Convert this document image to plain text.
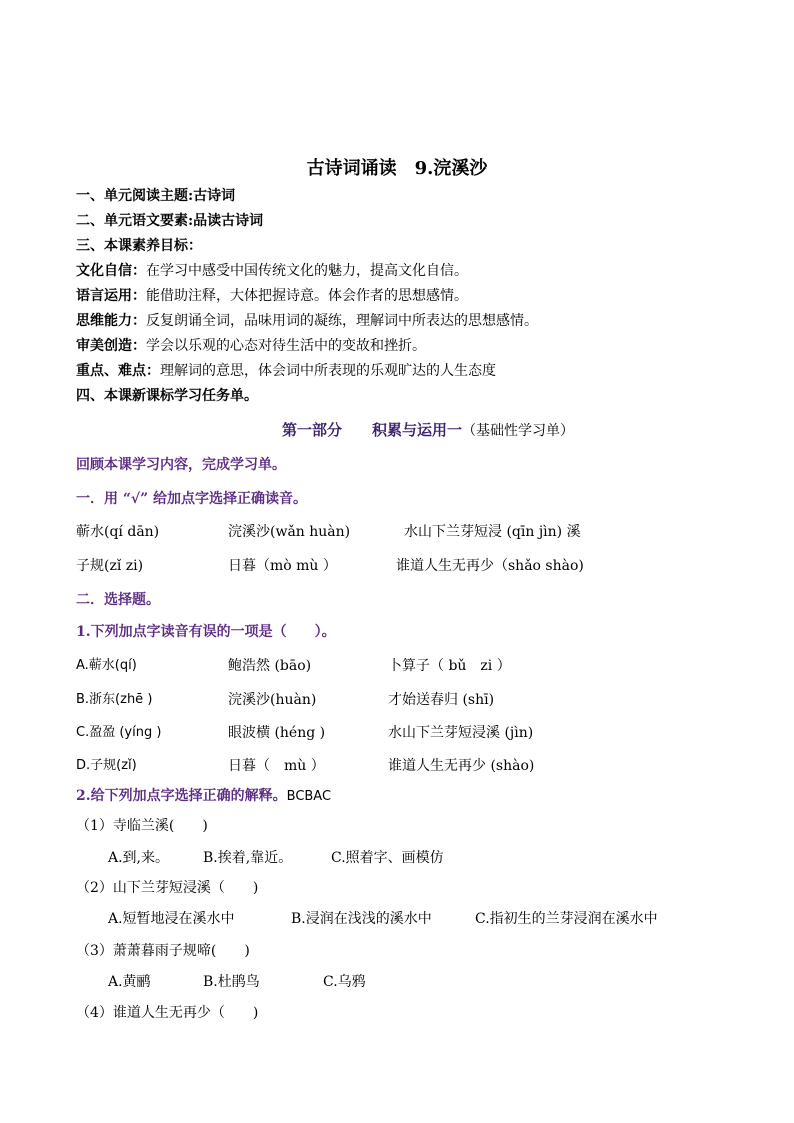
古诗词诵读　9.浣溪沙
一、单元阅读主题:古诗词
二、单元语文要素:品读古诗词
三、本课素养目标：
文化自信：在学习中感受中国传统文化的魅力，提高文化自信。
语言运用：能借助注释，大体把握诗意。体会作者的思想感情。
思维能力：反复朗诵全词，品味用词的凝练，理解词中所表达的思想感情。
审美创造：学会以乐观的心态对待生活中的变故和挫折。
重点、难点：理解词的意思，体会词中所表现的乐观旷达的人生态度
四、本课新课标学习任务单。
第一部分　　积累与运用一（基础性学习单）
回顾本课学习内容，完成学习单。
一．用 “√” 给加点字选择正确读音。
蕲水(qí dān)	浣溪沙(wǎn huàn)	水山下兰芽短浸 (qīn jìn) 溪
子规(zǐ zi)	日暮（mò mù ）	谁道人生无再少（shǎo shào)
二．选择题。
1.下列加点字读音有误的一项是（　　）。
A.蕲水(qí)	鲍浩然 (bāo)	卜算子（ bǔ　zi ）
B.浙东(zhē )	浣溪沙(huàn)	才始送春归 (shī)
C.盈盈 (yíng )	眼波横 (héng )	水山下兰芽短浸溪 (jìn)
D.子规(zǐ)	日暮（　mù ）	谁道人生无再少 (shào)
2.给下列加点字选择正确的解释。BCBAC
（1）寺临兰溪(　　)
A.到,来。 B.挨着,靠近。	C.照着字、画模仿
（2）山下兰芽短浸溪（　　)
A.短暂地浸在溪水中	B.浸润在浅浅的溪水中	C.指初生的兰芽浸润在溪水中
（3）萧萧暮雨子规啼(　　)
A.黄鹂	B.杜鹃鸟	C.乌鸦
（4）谁道人生无再少（　　)
